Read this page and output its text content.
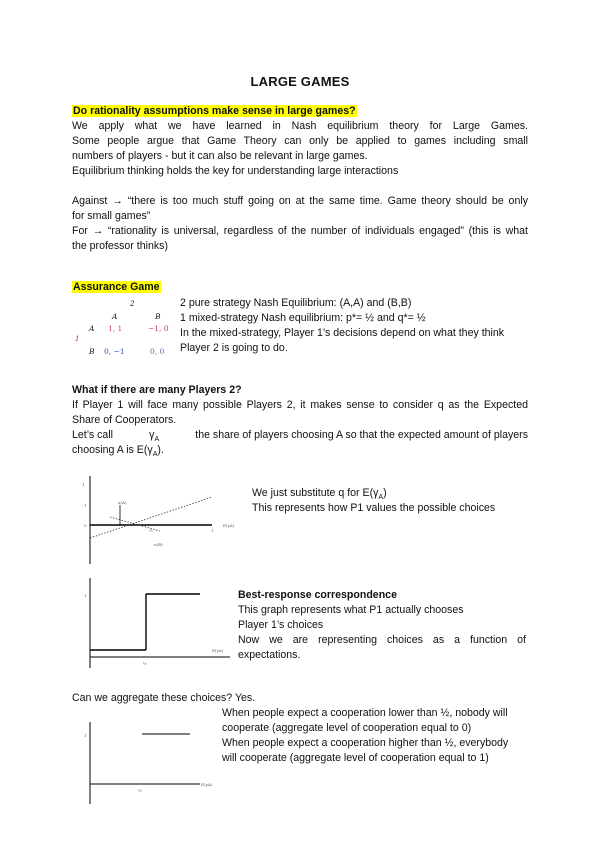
LARGE GAMES
Do rationality assumptions make sense in large games?
We apply what we have learned in Nash equilibrium theory for Large Games.
Some people argue that Game Theory can only be applied to games including small
numbers of players - but it can also be relevant in large games.
Equilibrium thinking holds the key for understanding large interactions
Against → “there is too much stuff going on at the same time. Game theory should be only
for small games”
For → “rationality is universal, regardless of the number of individuals engaged” (this is what
the professor thinks)
Assurance Game
2
A	B
1
A
B
1, 1	−1, 0
0, −1	0, 0
2 pure strategy Nash Equilibrium: (A,A) and (B,B)
1 mixed-strategy Nash equilibrium: p*= ½ and q*= ½
In the mixed-strategy, Player 1’s decisions depend on what they think
Player 2 is going to do.
What if there are many Players 2?
If Player 1 will face many possible Players 2, it makes sense to consider q as the Expected
Share of Cooperators.
Let’s call	$\gamma_A$	the share of players choosing A so that the expected amount of players
choosing A is $E(\gamma_A)$.
1
1
0
½	1
E(γA)
u(A)
u(B)
We just substitute q for $E(\gamma_A)$
This represents how P1 values the possible choices
1
½
E(γA)
Best-response correspondence
This graph represents what P1 actually chooses
Player 1’s choices
Now we are representing choices as a function of
expectations.
Can we aggregate these choices? Yes.
1
½
E(γA)
When people expect a cooperation lower than ½, nobody will
cooperate (aggregate level of cooperation equal to 0)
When people expect a cooperation higher than ½, everybody
will cooperate (aggregate level of cooperation equal to 1)
